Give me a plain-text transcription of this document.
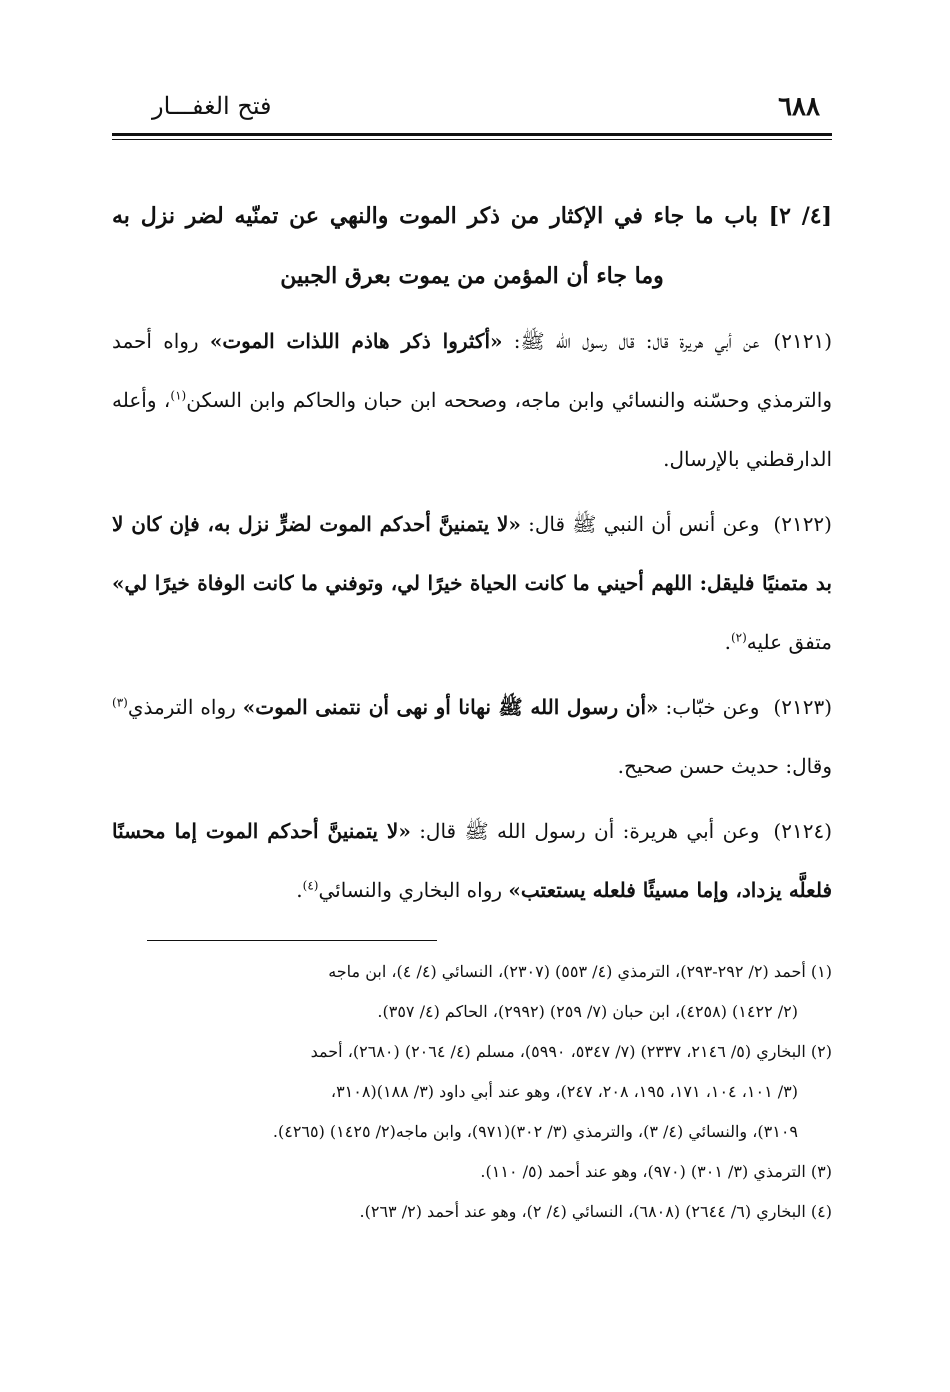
٦٨٨
فتح الغفـــار
[٤/ ٢] باب ما جاء في الإكثار من ذكر الموت والنهي عن تمنّيه لضر نزل به
وما جاء أن المؤمن من يموت بعرق الجبين

(٢١٢١)عن أبي هريرة قال: قال رسول الله ﷺ: «أكثروا ذكر هاذم اللذات الموت» رواه أحمد والترمذي وحسّنه والنسائي وابن ماجه، وصححه ابن حبان والحاكم وابن السكن$^{(١)}$، وأعله الدارقطني بالإرسال.

(٢١٢٢)وعن أنس أن النبي ﷺ قال: «لا يتمنينَّ أحدكم الموت لضرٍّ نزل به، فإن كان لا بد متمنيًا فليقل: اللهم أحيني ما كانت الحياة خيرًا لي، وتوفني ما كانت الوفاة خيرًا لي» متفق عليه$^{(٢)}$.

(٢١٢٣)وعن خبّاب: «أن رسول الله ﷺ نهانا أو نهى أن نتمنى الموت» رواه الترمذي$^{(٣)}$ وقال: حديث حسن صحيح.

(٢١٢٤)وعن أبي هريرة: أن رسول الله ﷺ قال: «لا يتمنينَّ أحدكم الموت إما محسنًا فلعلَّه يزداد، وإما مسيئًا فلعله يستعتب» رواه البخاري والنسائي$^{(٤)}$.

(١) أحمد (٢/ ٢٩٢-٢٩٣)، الترمذي (٤/ ٥٥٣) (٢٣٠٧)، النسائي (٤/ ٤)، ابن ماجه
(٢/ ١٤٢٢) (٤٢٥٨)، ابن حبان (٧/ ٢٥٩) (٢٩٩٢)، الحاكم (٤/ ٣٥٧).

(٢) البخاري (٥/ ٢١٤٦، ٢٣٣٧) (٧/ ٥٣٤٧، ٥٩٩٠)، مسلم (٤/ ٢٠٦٤) (٢٦٨٠)، أحمد
(٣/ ١٠١، ١٠٤، ١٧١، ١٩٥، ٢٠٨، ٢٤٧)، وهو عند أبي داود (٣/ ١٨٨)(٣١٠٨،
٣١٠٩)، والنسائي (٤/ ٣)، والترمذي (٣/ ٣٠٢)(٩٧١)، وابن ماجه(٢/ ١٤٢٥) (٤٢٦٥).

(٣) الترمذي (٣/ ٣٠١) (٩٧٠)، وهو عند أحمد (٥/ ١١٠).

(٤) البخاري (٦/ ٢٦٤٤) (٦٨٠٨)، النسائي (٤/ ٢)، وهو عند أحمد (٢/ ٢٦٣).
